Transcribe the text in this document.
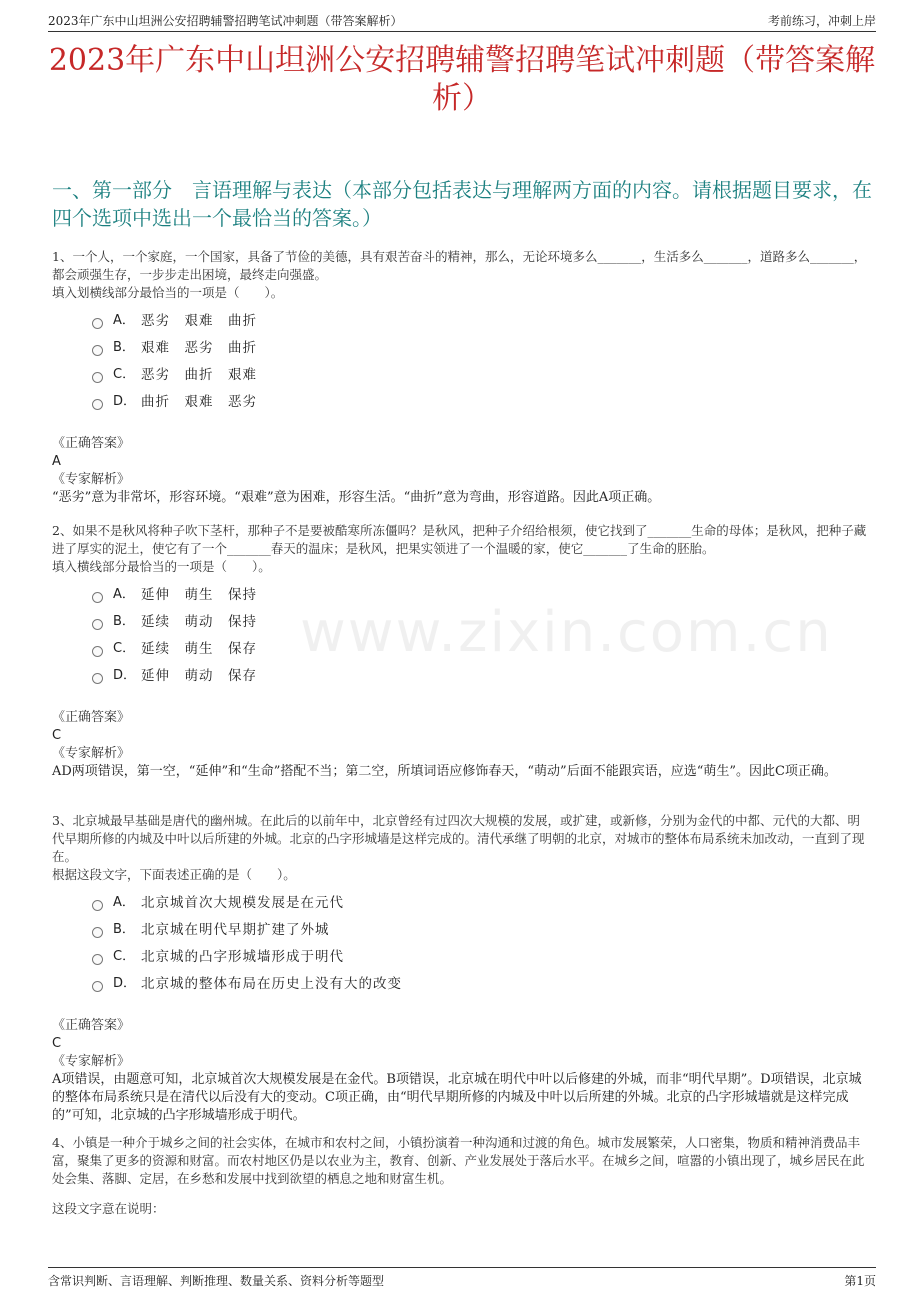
2023年广东中山坦洲公安招聘辅警招聘笔试冲刺题（带答案解析）	考前练习，冲刺上岸
2023年广东中山坦洲公安招聘辅警招聘笔试冲刺题（带答案解析）
一、第一部分　言语理解与表达（本部分包括表达与理解两方面的内容。请根据题目要求，在四个选项中选出一个最恰当的答案。）
www.zixin.com.cn
1、一个人，一个家庭，一个国家，具备了节俭的美德，具有艰苦奋斗的精神，那么，无论环境多么_______，生活多么_______，道路多么_______，都会顽强生存，一步步走出困境，最终走向强盛。
填入划横线部分最恰当的一项是（　　）。
A． 恶劣　艰难　曲折
B． 艰难　恶劣　曲折
C． 恶劣　曲折　艰难
D． 曲折　艰难　恶劣
《正确答案》
A
《专家解析》
“恶劣”意为非常坏，形容环境。“艰难”意为困难，形容生活。“曲折”意为弯曲，形容道路。因此A项正确。
2、如果不是秋风将种子吹下茎杆，那种子不是要被酷寒所冻僵吗？是秋风，把种子介绍给根须，使它找到了_______生命的母体；是秋风，把种子藏进了厚实的泥土，使它有了一个_______春天的温床；是秋风，把果实领进了一个温暖的家，使它_______了生命的胚胎。
填入横线部分最恰当的一项是（　　）。
A． 延伸　萌生　保持
B． 延续　萌动　保持
C． 延续　萌生　保存
D． 延伸　萌动　保存
《正确答案》
C
《专家解析》
AD两项错误，第一空，“延伸”和“生命”搭配不当；第二空，所填词语应修饰春天，“萌动”后面不能跟宾语，应选“萌生”。因此C项正确。
3、北京城最早基础是唐代的幽州城。在此后的以前年中，北京曾经有过四次大规模的发展，或扩建，或新修，分别为金代的中都、元代的大都、明代早期所修的内城及中叶以后所建的外城。北京的凸字形城墙是这样完成的。清代承继了明朝的北京，对城市的整体布局系统未加改动，一直到了现在。
根据这段文字，下面表述正确的是（　　）。
A． 北京城首次大规模发展是在元代
B． 北京城在明代早期扩建了外城
C． 北京城的凸字形城墙形成于明代
D． 北京城的整体布局在历史上没有大的改变
《正确答案》
C
《专家解析》
A项错误，由题意可知，北京城首次大规模发展是在金代。B项错误，北京城在明代中叶以后修建的外城，而非“明代早期”。D项错误，北京城的整体布局系统只是在清代以后没有大的变动。C项正确，由“明代早期所修的内城及中叶以后所建的外城。北京的凸字形城墙就是这样完成的”可知，北京城的凸字形城墙形成于明代。
4、小镇是一种介于城乡之间的社会实体，在城市和农村之间，小镇扮演着一种沟通和过渡的角色。城市发展繁荣，人口密集，物质和精神消费品丰富，聚集了更多的资源和财富。而农村地区仍是以农业为主，教育、创新、产业发展处于落后水平。在城乡之间，喧嚣的小镇出现了，城乡居民在此处会集、落脚、定居，在乡愁和发展中找到欲望的栖息之地和财富生机。
这段文字意在说明：
含常识判断、言语理解、判断推理、数量关系、资料分析等题型	第1页
